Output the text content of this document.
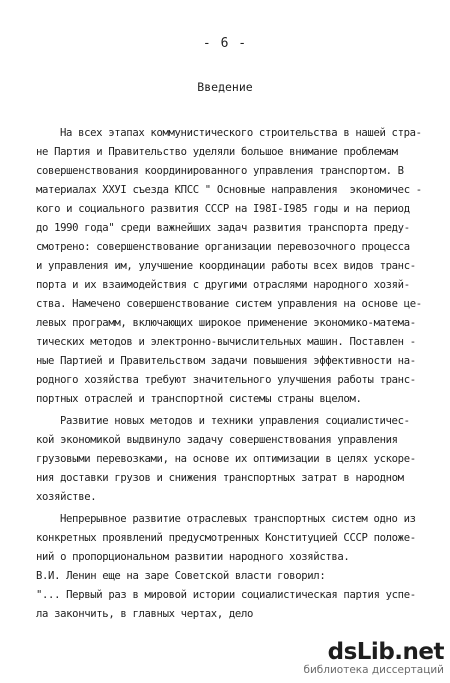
- 6 -
Введение
На всех этапах коммунистического строительства в нашей стра-
не Партия и Правительство уделяли большое внимание проблемам
совершенствования координированного управления транспортом. В
материалах XXУI съезда КПСС " Основные направления  экономичес -
кого и социального развития СССР на I98I-I985 годы и на период
до 1990 года" среди важнейших задач развития транспорта преду-
смотрено: совершенствование организации перевозочного процесса
и управления им, улучшение координации работы всех видов транс-
порта и их взаимодействия с другими отраслями народного хозяй-
ства. Намечено совершенствование систем управления на основе це-
левых программ, включающих широкое применение экономико-матема-
тических методов и электронно-вычислительных машин. Поставлен -
ные Партией и Правительством задачи повышения эффективности на-
родного хозяйства требуют значительного улучшения работы транс-
портных отраслей и транспортной системы страны вцелом.
Развитие новых методов и техники управления социалистичес-
кой экономикой выдвинуло задачу совершенствования управления
грузовыми перевозками, на основе их оптимизации в целях ускоре-
ния доставки грузов и снижения транспортных затрат в народном
хозяйстве.
Непрерывное развитие отраслевых транспортных систем одно из
конкретных проявлений предусмотренных Конституцией СССР положе-
ний о пропорциональном развитии народного хозяйства.
В.И. Ленин еще на заре Советской власти говорил:
"... Первый раз в мировой истории социалистическая партия успе-
ла закончить, в главных чертах, дело
dsLib.net
библиотека диссертаций
